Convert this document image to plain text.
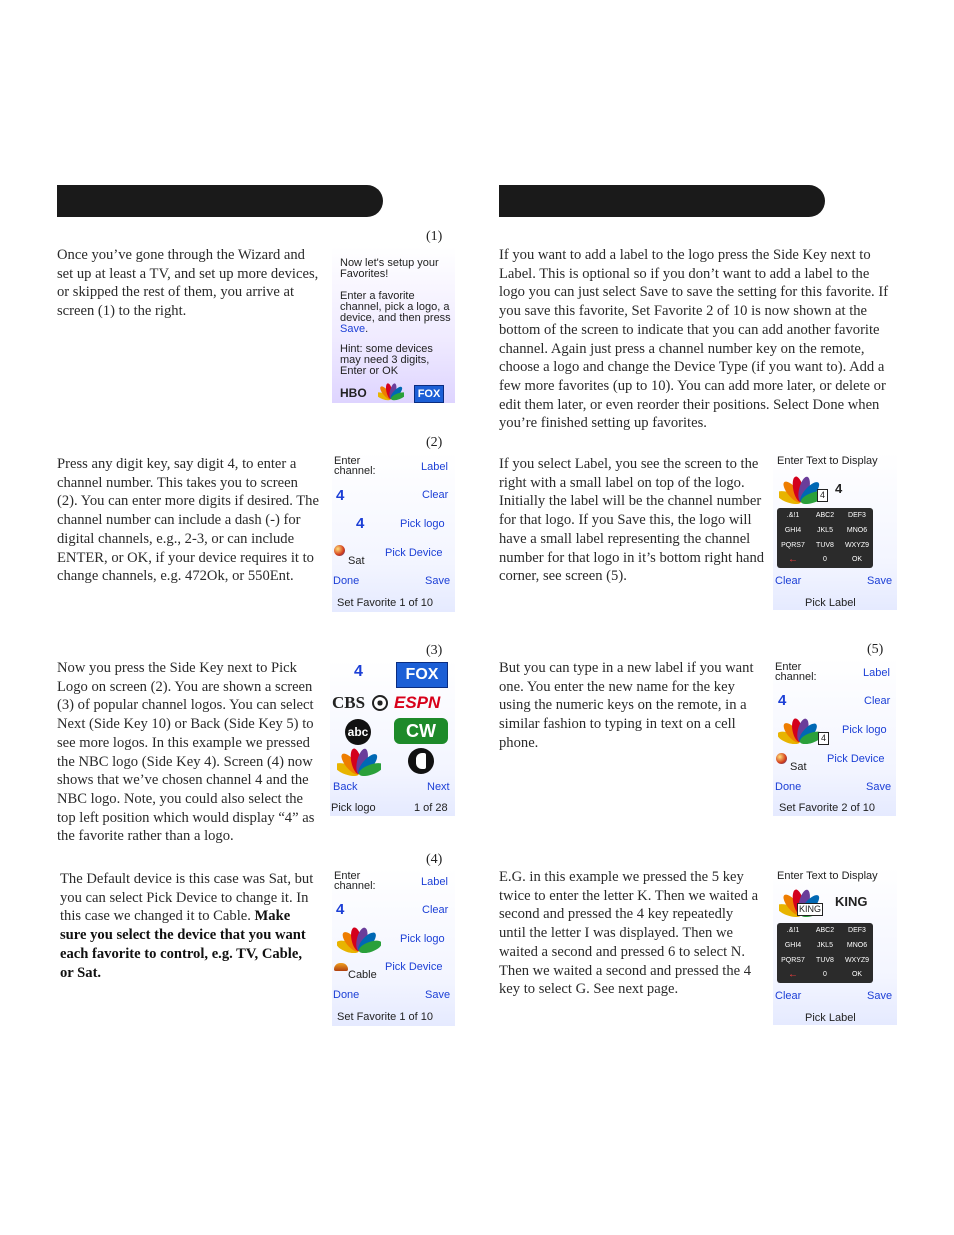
Once you’ve gone through the Wizard and set up at least a TV, and set up more devices, or skipped the rest of them, you arrive at screen (1) to the right.

Press any digit key, say digit 4, to enter a channel number. This takes you to screen (2). You can enter more digits if desired. The channel number can include a dash (-) for digital channels, e.g., 2-3, or can include ENTER, or OK, if your device requires it to change channels, e.g. 472Ok, or 550Ent.

Now you press the Side Key next to Pick Logo on screen (2). You are shown a screen (3) of popular channel logos. You can select Next (Side Key 10) or Back (Side Key 5) to see more logos. In this example we pressed the NBC logo (Side Key 4). Screen (4) now shows that we’ve chosen channel 4 and the NBC logo. Note, you could also select the top left position which would display “4” as the favorite rather than a logo.

The Default device is this case was Sat, but you can select Pick Device to change it. In this case we changed it to Cable. Make sure you select the device that you want each favorite to control, e.g. TV, Cable, or Sat.

If you want to add a label to the logo press the Side Key next to Label. This is optional so if you don’t want to add a label to the logo you can just select Save to save the setting for this favorite. If you save this favorite, Set Favorite 2 of 10 is now shown at the bottom of the screen to indicate that you can add another favorite channel. Again just press a channel number key on the remote, choose a logo and change the Device Type (if you want to). Add a few more favorites (up to 10). You can add more later, or delete or edit them later, or even reorder their positions. Select Done when you’re finished setting up favorites.

If you select Label, you see the screen to the right with a small label on top of the logo. Initially the label will be the channel number for that logo. If you Save this, the logo will have a small label representing the channel number for that logo in it’s bottom right hand corner, see screen (5).

But you can type in a new label if you want one. You enter the new name for the key using the numeric keys on the remote, in a similar fashion to typing in text on a cell phone.

E.G. in this example we pressed the 5 key twice to enter the letter K. Then we waited a second and pressed the 4 key repeatedly until the letter I was displayed. Then we waited a second and pressed 6 to select N. Then we waited a second and pressed the 4 key to select G. See next page.

(1)
(2)
(3)
(4)
(5)
Now let's setup your Favorites!
Enter a favorite channel, pick a logo, a device, and then press Save.
Hint: some devices may need 3 digits, Enter or OK
HBO	FOX
Enter channel:	Label
4	Clear
4	Pick logo
Sat
Pick Device
Done	Save
Set Favorite 1 of 10
4	FOX
CBS ESPN
abc	CW
Back	Next
Pick logo	1 of 28
Enter channel:	Label
4	Clear
Pick logo
Cable
Pick Device
Done	Save
Set Favorite 1 of 10
Enter channel:	Label
4	Clear
4
Pick logo
Sat
Pick Device
Done	Save
Set Favorite 2 of 10
Enter Text to Display
4 4
.&!1	ABC2	DEF3
GHI4	JKL5	MNO6
PQRS7	TUV8	WXYZ9
←	0	OK
Clear	Save
Pick Label
Enter Text to Display
KING KING
.&!1	ABC2	DEF3
GHI4	JKL5	MNO6
PQRS7	TUV8	WXYZ9
←	0	OK
Clear	Save
Pick Label
